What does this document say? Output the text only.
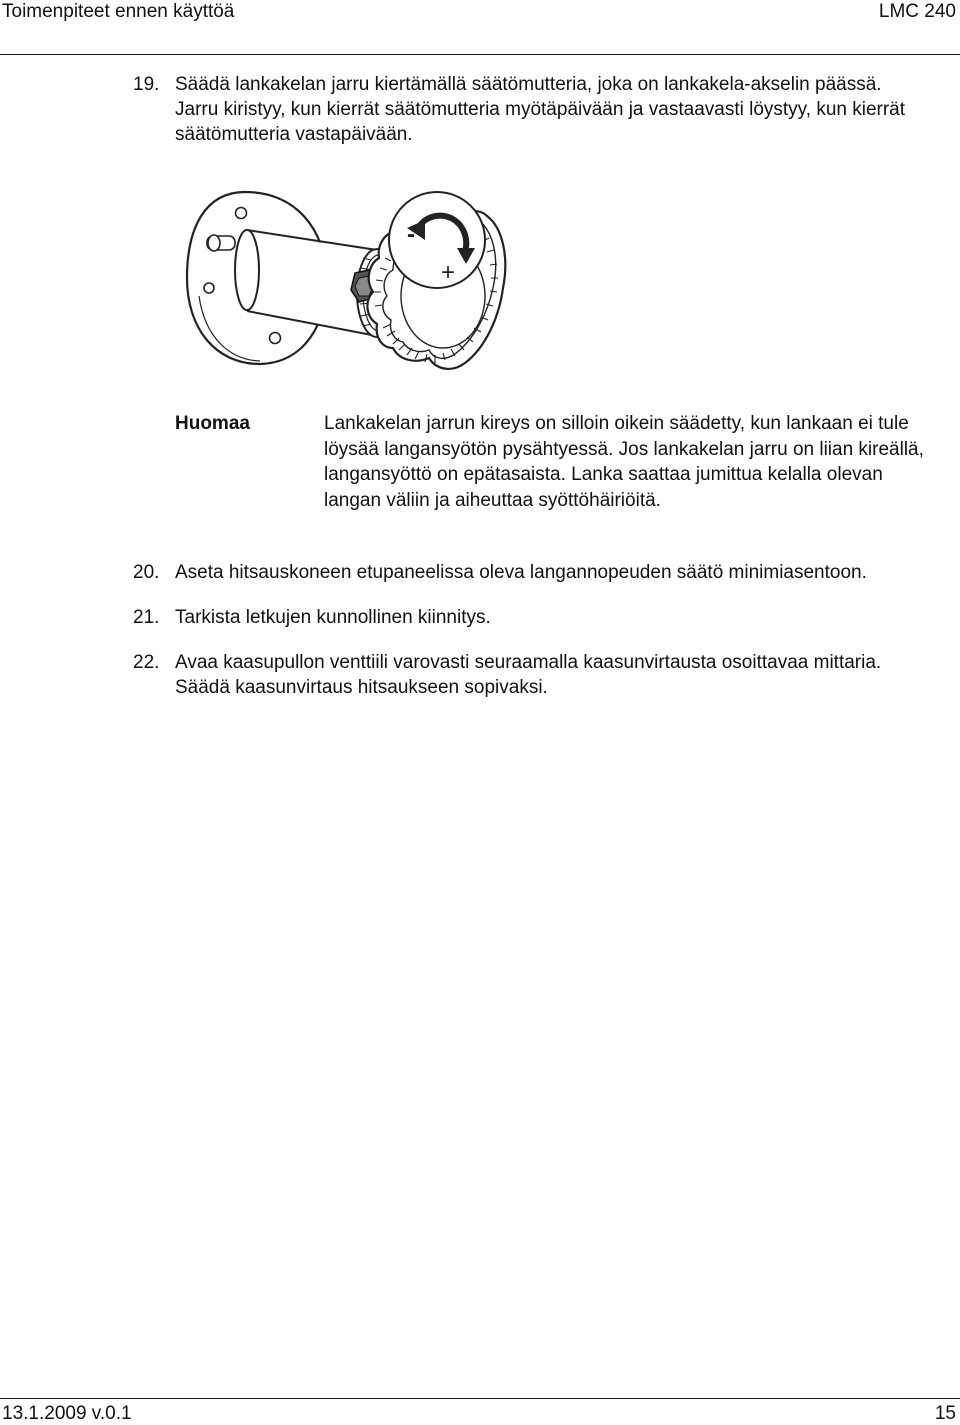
Toimenpiteet ennen käyttöä	LMC 240
19. Säädä lankakelan jarru kiertämällä säätömutteria, joka on lankakela-akselin päässä.
Jarru kiristyy, kun kierrät säätömutteria myötäpäivään ja vastaavasti löystyy, kun kierrät
säätömutteria vastapäivään.
-
+
Huomaa	Lankakelan jarrun kireys on silloin oikein säädetty, kun lankaan ei tule
löysää langansyötön pysähtyessä. Jos lankakelan jarru on liian kireällä,
langansyöttö on epätasaista. Lanka saattaa jumittua kelalla olevan
langan väliin ja aiheuttaa syöttöhäiriöitä.
20. Aseta hitsauskoneen etupaneelissa oleva langannopeuden säätö minimiasentoon.
21. Tarkista letkujen kunnollinen kiinnitys.
22. Avaa kaasupullon venttiili varovasti seuraamalla kaasunvirtausta osoittavaa mittaria.
Säädä kaasunvirtaus hitsaukseen sopivaksi.
13.1.2009 v.0.1	15
